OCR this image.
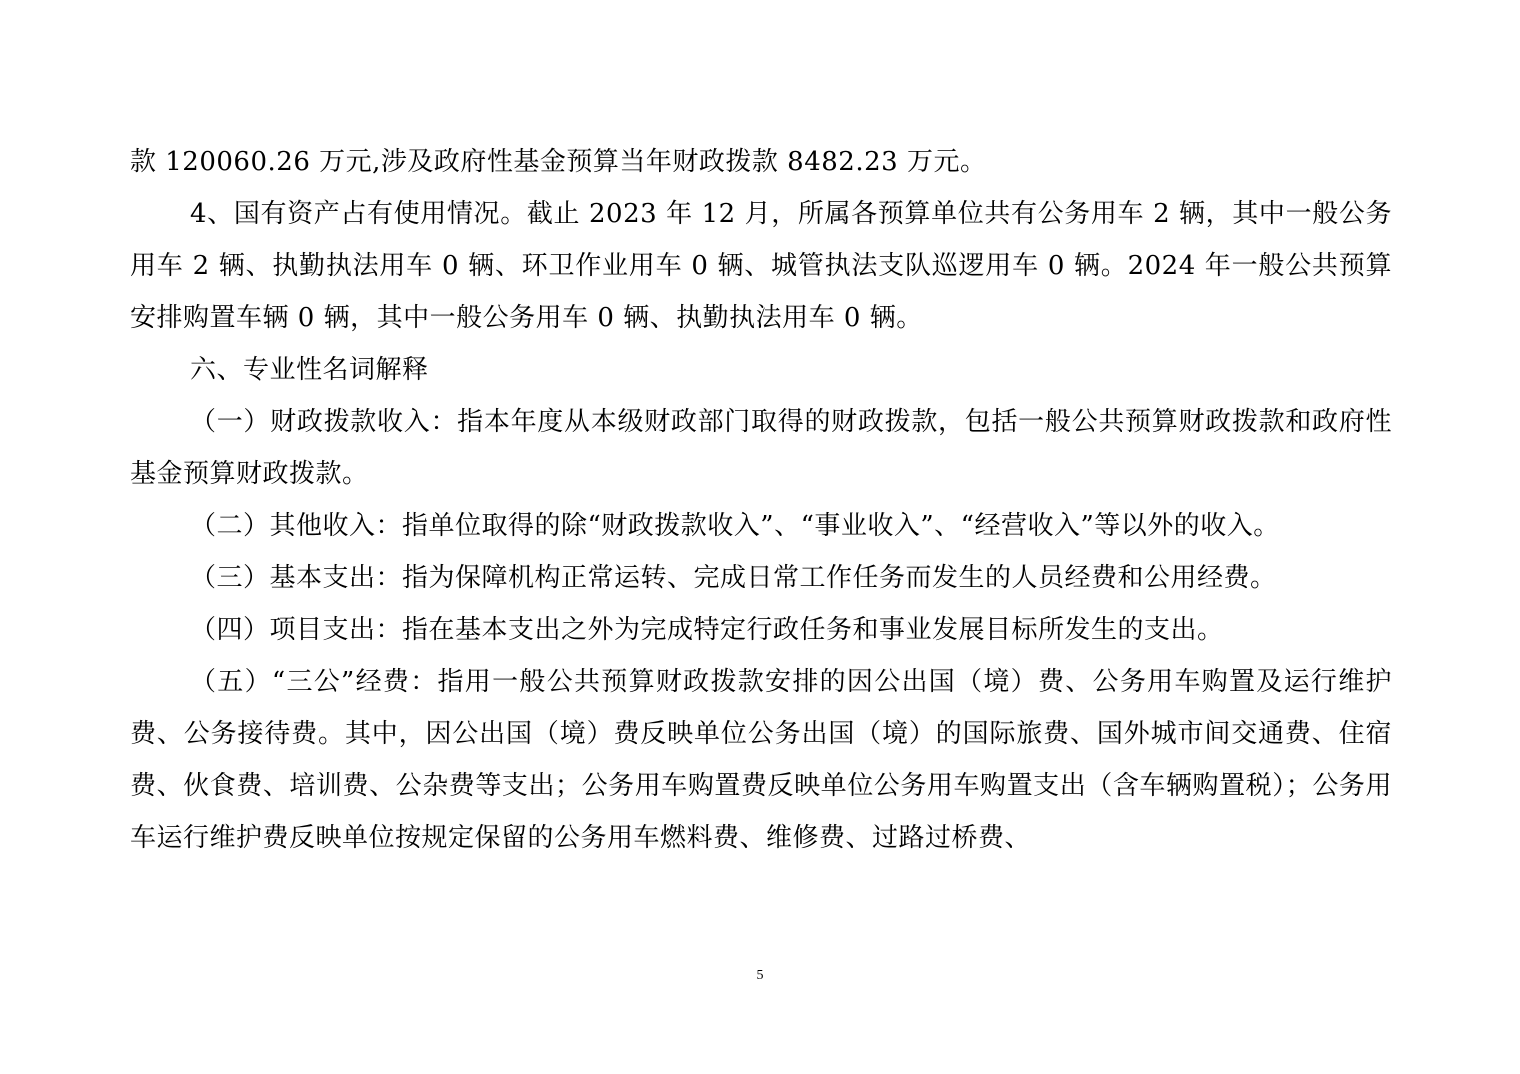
款 120060.26 万元,涉及政府性基金预算当年财政拨款 8482.23 万元。

4、国有资产占有使用情况。截止 2023 年 12 月，所属各预算单位共有公务用车 2 辆，其中一般公务用车 2 辆、执勤执法用车 0 辆、环卫作业用车 0 辆、城管执法支队巡逻用车 0 辆。2024 年一般公共预算安排购置车辆 0 辆，其中一般公务用车 0 辆、执勤执法用车 0 辆。

六、专业性名词解释

（一）财政拨款收入：指本年度从本级财政部门取得的财政拨款，包括一般公共预算财政拨款和政府性基金预算财政拨款。

（二）其他收入：指单位取得的除“财政拨款收入”、“事业收入”、“经营收入”等以外的收入。

（三）基本支出：指为保障机构正常运转、完成日常工作任务而发生的人员经费和公用经费。

（四）项目支出：指在基本支出之外为完成特定行政任务和事业发展目标所发生的支出。

（五）“三公”经费：指用一般公共预算财政拨款安排的因公出国（境）费、公务用车购置及运行维护费、公务接待费。其中，因公出国（境）费反映单位公务出国（境）的国际旅费、国外城市间交通费、住宿费、伙食费、培训费、公杂费等支出；公务用车购置费反映单位公务用车购置支出（含车辆购置税）；公务用车运行维护费反映单位按规定保留的公务用车燃料费、维修费、过路过桥费、

5
